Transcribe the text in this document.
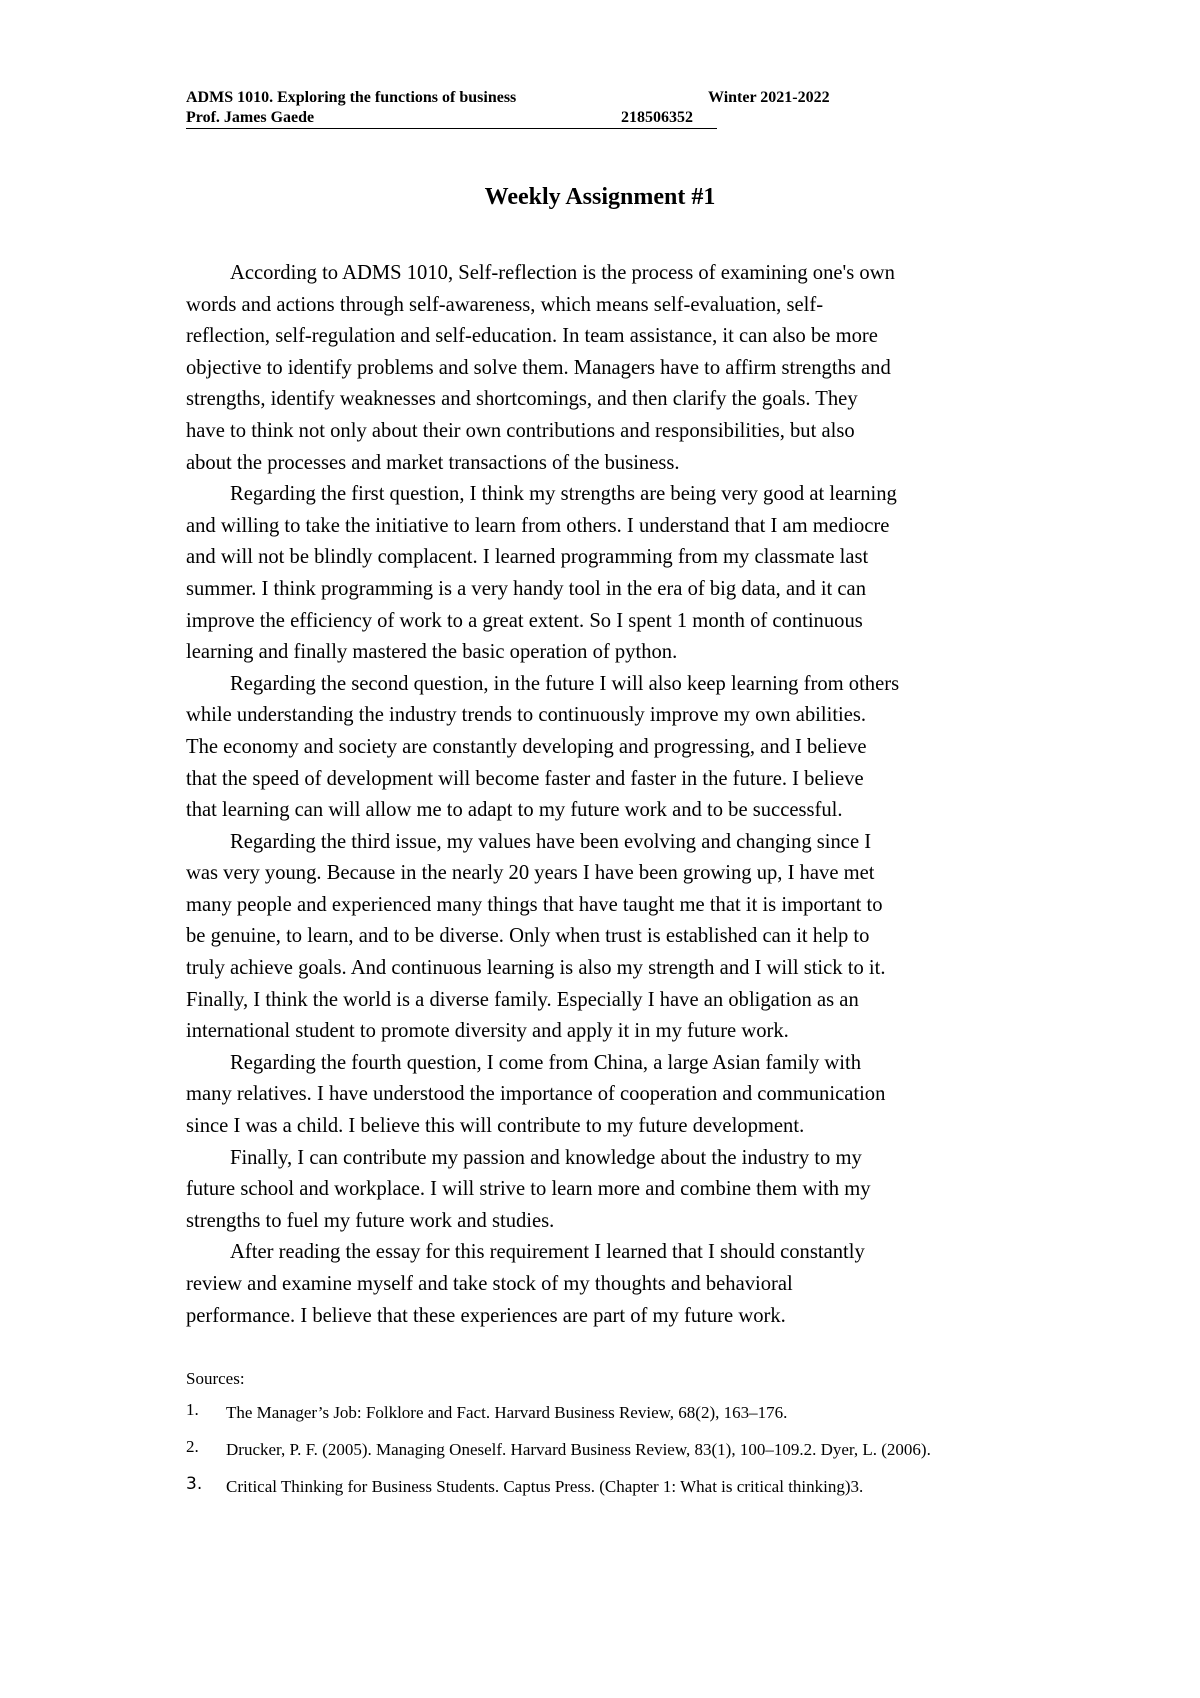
ADMS 1010. Exploring the functions of business	Winter 2021-2022
Prof. James Gaede	218506352
Weekly Assignment #1
According to ADMS 1010, Self-reflection is the process of examining one's own
words and actions through self-awareness, which means self-evaluation, self-
reflection, self-regulation and self-education. In team assistance, it can also be more
objective to identify problems and solve them. Managers have to affirm strengths and
strengths, identify weaknesses and shortcomings, and then clarify the goals. They
have to think not only about their own contributions and responsibilities, but also
about the processes and market transactions of the business.
Regarding the first question, I think my strengths are being very good at learning
and willing to take the initiative to learn from others. I understand that I am mediocre
and will not be blindly complacent. I learned programming from my classmate last
summer. I think programming is a very handy tool in the era of big data, and it can
improve the efficiency of work to a great extent. So I spent 1 month of continuous
learning and finally mastered the basic operation of python.
Regarding the second question, in the future I will also keep learning from others
while understanding the industry trends to continuously improve my own abilities.
The economy and society are constantly developing and progressing, and I believe
that the speed of development will become faster and faster in the future. I believe
that learning can will allow me to adapt to my future work and to be successful.
Regarding the third issue, my values have been evolving and changing since I
was very young. Because in the nearly 20 years I have been growing up, I have met
many people and experienced many things that have taught me that it is important to
be genuine, to learn, and to be diverse. Only when trust is established can it help to
truly achieve goals. And continuous learning is also my strength and I will stick to it.
Finally, I think the world is a diverse family. Especially I have an obligation as an
international student to promote diversity and apply it in my future work.
Regarding the fourth question, I come from China, a large Asian family with
many relatives. I have understood the importance of cooperation and communication
since I was a child. I believe this will contribute to my future development.
Finally, I can contribute my passion and knowledge about the industry to my
future school and workplace. I will strive to learn more and combine them with my
strengths to fuel my future work and studies.
After reading the essay for this requirement I learned that I should constantly
review and examine myself and take stock of my thoughts and behavioral
performance. I believe that these experiences are part of my future work.
Sources:
1. The Manager’s Job: Folklore and Fact. Harvard Business Review, 68(2), 163–176.
2. Drucker, P. F. (2005). Managing Oneself. Harvard Business Review, 83(1), 100–109.2. Dyer, L. (2006).
3. Critical Thinking for Business Students. Captus Press. (Chapter 1: What is critical thinking)3.
